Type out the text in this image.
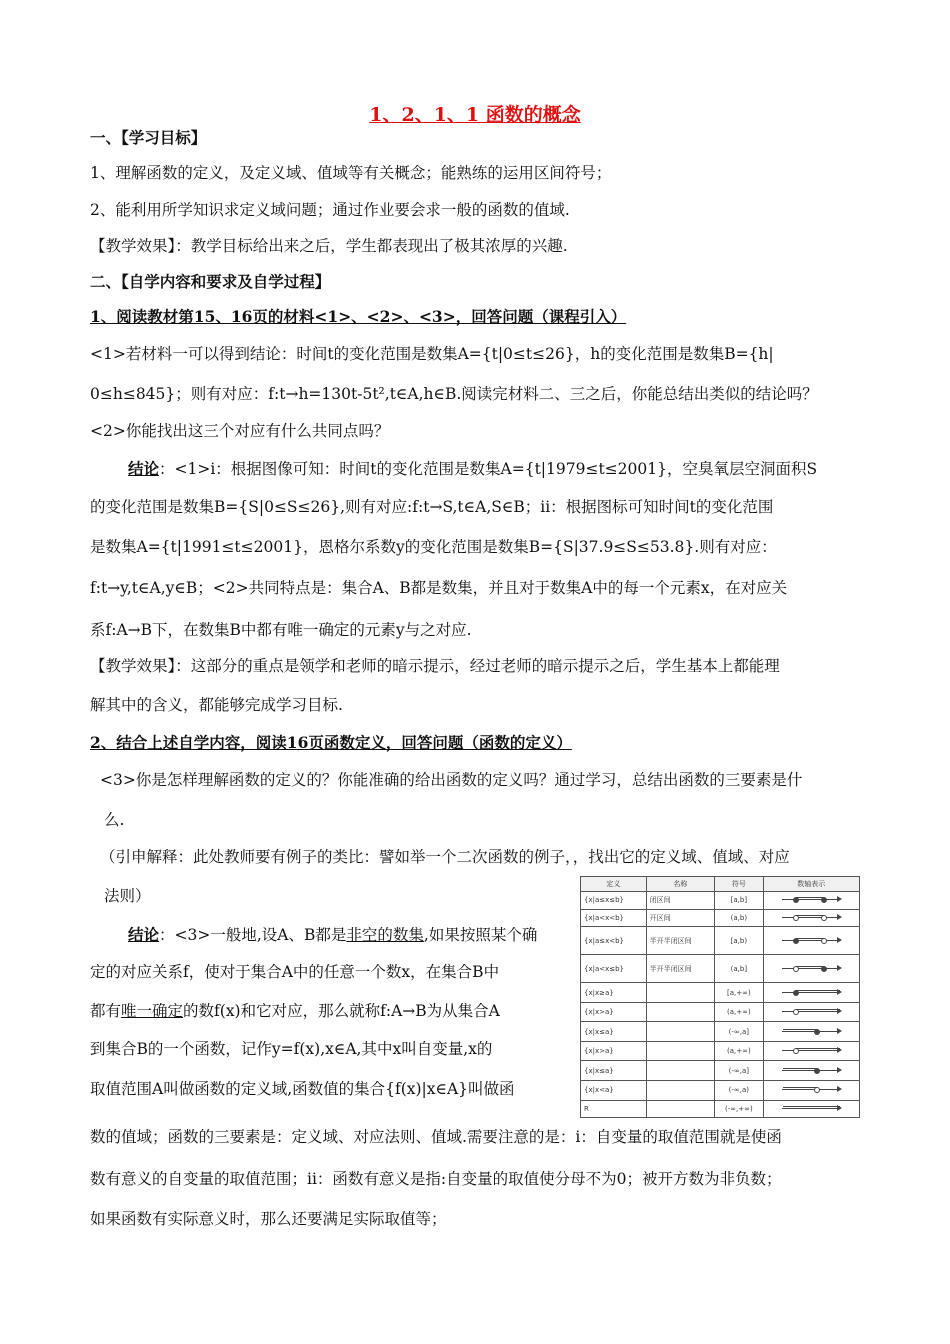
1、2、1、1 函数的概念
一、【学习目标】
1、理解函数的定义，及定义域、值域等有关概念；能熟练的运用区间符号；
2、能利用所学知识求定义域问题；通过作业要会求一般的函数的值域.
【教学效果】：教学目标给出来之后，学生都表现出了极其浓厚的兴趣.
二、【自学内容和要求及自学过程】
1、阅读教材第15、16页的材料<1>、<2>、<3>，回答问题（课程引入）
<1>若材料一可以得到结论：时间t的变化范围是数集A={t|0≤t≤26}，h的变化范围是数集B={h|
0≤h≤845}；则有对应：f:t→h=130t-5t²,t∈A,h∈B.阅读完材料二、三之后，你能总结出类似的结论吗？
<2>你能找出这三个对应有什么共同点吗？
结论：<1>i：根据图像可知：时间t的变化范围是数集A={t|1979≤t≤2001}，空臭氧层空洞面积S
的变化范围是数集B={S|0≤S≤26},则有对应:f:t→S,t∈A,S∈B；ii：根据图标可知时间t的变化范围
是数集A={t|1991≤t≤2001}，恩格尔系数y的变化范围是数集B={S|37.9≤S≤53.8}.则有对应：
f:t→y,t∈A,y∈B；<2>共同特点是：集合A、B都是数集，并且对于数集A中的每一个元素x，在对应关
系f:A→B下，在数集B中都有唯一确定的元素y与之对应.
【教学效果】：这部分的重点是领学和老师的暗示提示，经过老师的暗示提示之后，学生基本上都能理
解其中的含义，都能够完成学习目标.
2、结合上述自学内容，阅读16页函数定义，回答问题（函数的定义）
<3>你是怎样理解函数的定义的？你能准确的给出函数的定义吗？通过学习，总结出函数的三要素是什
么.
（引申解释：此处教师要有例子的类比：譬如举一个二次函数的例子，，找出它的定义域、值域、对应
法则）
结论：<3>一般地,设A、B都是非空的数集,如果按照某个确
定的对应关系f，使对于集合A中的任意一个数x，在集合B中
都有唯一确定的数f(x)和它对应，那么就称f:A→B为从集合A
到集合B的一个函数，记作y=f(x),x∈A,其中x叫自变量,x的
取值范围A叫做函数的定义域,函数值的集合{f(x)|x∈A}叫做函
数的值域；函数的三要素是：定义域、对应法则、值域.需要注意的是：i：自变量的取值范围就是使函
数有意义的自变量的取值范围；ii：函数有意义是指:自变量的取值使分母不为0；被开方数为非负数；
如果函数有实际意义时，那么还要满足实际取值等；
定义	名称	符号	数轴表示
{x|a≤x≤b}	闭区间	[a,b]	

{x|a<x<b}	开区间	(a,b)	

{x|a≤x<b}	半开半闭区间	[a,b)	

{x|a<x≤b}	半开半闭区间	(a,b]	

{x|x≥a}		[a,+∞)	

{x|x>a}		(a,+∞)	

{x|x≤a}		(-∞,a]	

{x|x>a}		(a,+∞)	

{x|x≤a}		(-∞,a]	

{x|x<a}		(-∞,a)	

R		(-∞,+∞)	
